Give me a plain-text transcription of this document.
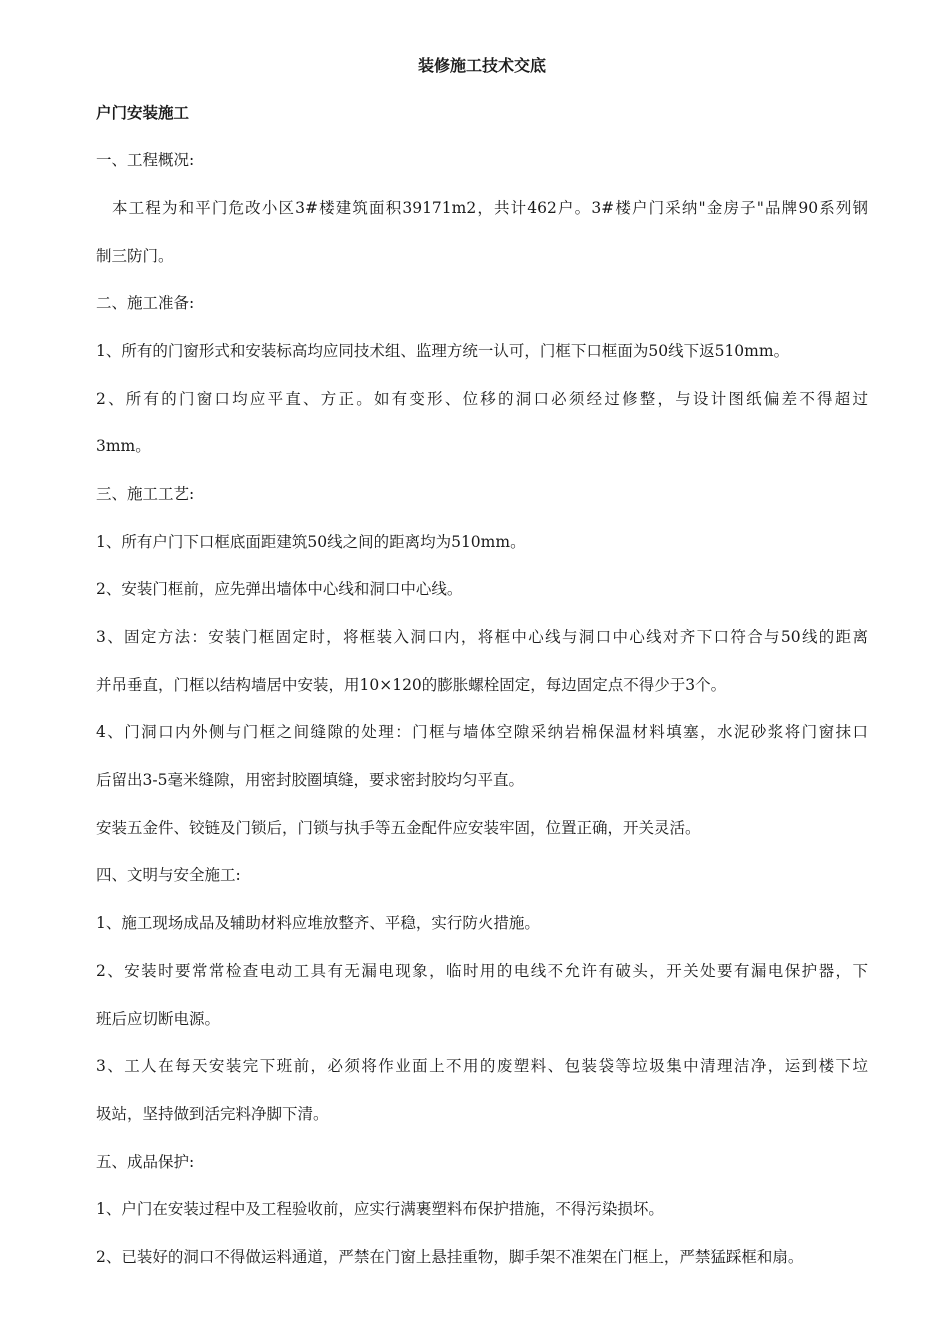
装修施工技术交底
户门安装施工
一、工程概况:
本工程为和平门危改小区3#楼建筑面积39171m2，共计462户。3#楼户门采纳"金房子"品牌90系列钢
制三防门。
二、施工准备:
1、所有的门窗形式和安装标高均应同技术组、监理方统一认可，门框下口框面为50线下返510mm。
2、所有的门窗口均应平直、方正。如有变形、位移的洞口必须经过修整，与设计图纸偏差不得超过
3mm。
三、施工工艺:
1、所有户门下口框底面距建筑50线之间的距离均为510mm。
2、安装门框前，应先弹出墙体中心线和洞口中心线。
3、固定方法：安装门框固定时，将框装入洞口内，将框中心线与洞口中心线对齐下口符合与50线的距离
并吊垂直，门框以结构墙居中安装，用10×120的膨胀螺栓固定，每边固定点不得少于3个。
4、门洞口内外侧与门框之间缝隙的处理：门框与墙体空隙采纳岩棉保温材料填塞，水泥砂浆将门窗抹口
后留出3-5毫米缝隙，用密封胶圈填缝，要求密封胶均匀平直。
安装五金件、铰链及门锁后，门锁与执手等五金配件应安装牢固，位置正确，开关灵活。
四、文明与安全施工:
1、施工现场成品及辅助材料应堆放整齐、平稳，实行防火措施。
2、安装时要常常检查电动工具有无漏电现象，临时用的电线不允许有破头，开关处要有漏电保护器，下
班后应切断电源。
3、工人在每天安装完下班前，必须将作业面上不用的废塑料、包装袋等垃圾集中清理洁净，运到楼下垃
圾站，坚持做到活完料净脚下清。
五、成品保护:
1、户门在安装过程中及工程验收前，应实行满裹塑料布保护措施，不得污染损坏。
2、已装好的洞口不得做运料通道，严禁在门窗上悬挂重物，脚手架不准架在门框上，严禁猛踩框和扇。
